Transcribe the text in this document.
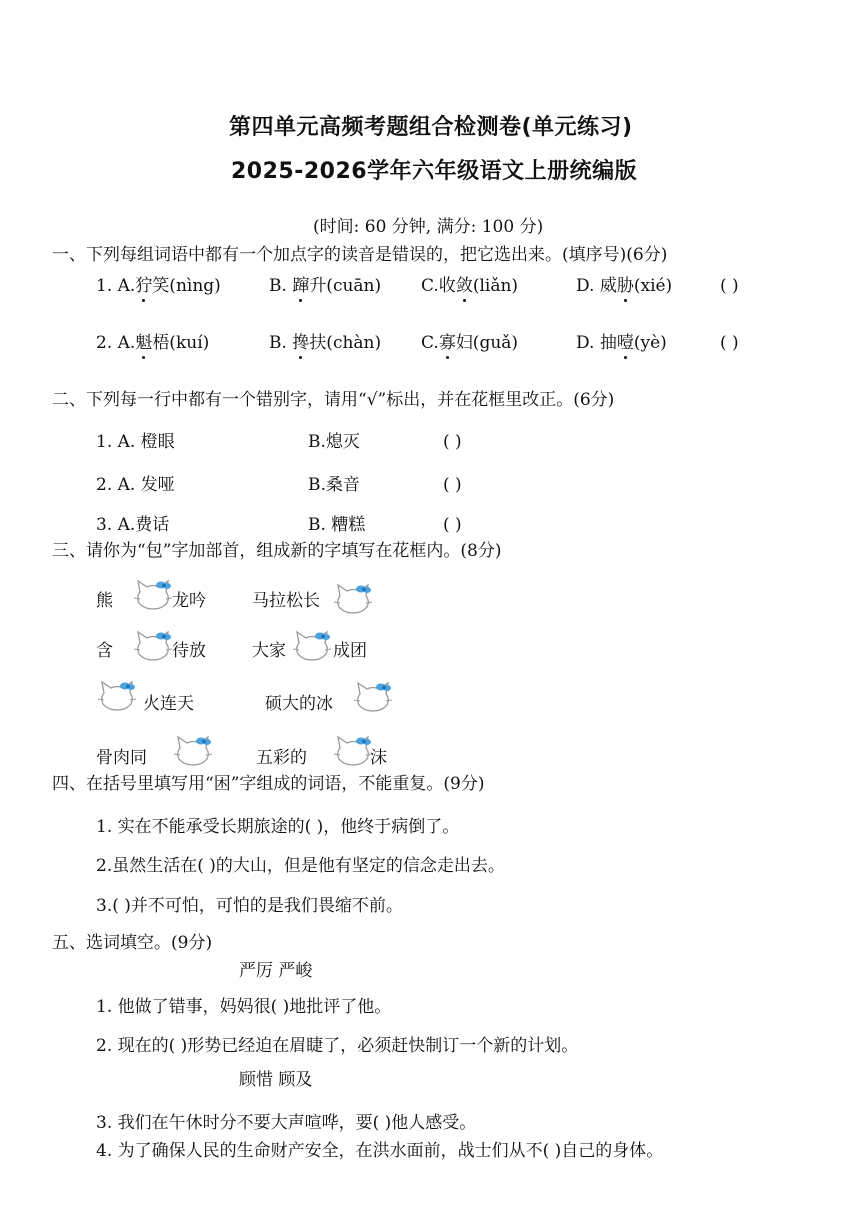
第四单元高频考题组合检测卷(单元练习)
2025-2026学年六年级语文上册统编版
(时间: 60 分钟, 满分: 100 分)
一、下列每组词语中都有一个加点字的读音是错误的，把它选出来。(填序号)(6分)
1. A.狞笑(nìng)	B. 蹿升(cuān) C.收敛(liǎn)	D. 威胁(xié)	( )
2. A.魁梧(kuí)	B. 搀扶(chàn) C.寡妇(guǎ)	D. 抽噎(yè)	( )
二、下列每一行中都有一个错别字，请用“√”标出，并在花框里改正。(6分)
1. A. 橙眼	B.熄灭	( )
2. A. 发哑	B.桑音	( )
3. A.费话	B. 糟糕	( )
三、请你为“包”字加部首，组成新的字填写在花框内。(8分)
熊	龙吟	马拉松长
含	待放	大家	成团
火连天	硕大的冰
骨肉同	五彩的	沫
四、在括号里填写用“困”字组成的词语，不能重复。(9分)
1. 实在不能承受长期旅途的( )，他终于病倒了。
2.虽然生活在( )的大山，但是他有坚定的信念走出去。
3.( )并不可怕，可怕的是我们畏缩不前。
五、选词填空。(9分)
严厉 严峻
1. 他做了错事，妈妈很( )地批评了他。
2. 现在的( )形势已经迫在眉睫了，必须赶快制订一个新的计划。
顾惜 顾及
3. 我们在午休时分不要大声喧哗，要( )他人感受。
4. 为了确保人民的生命财产安全，在洪水面前，战士们从不( )自己的身体。
